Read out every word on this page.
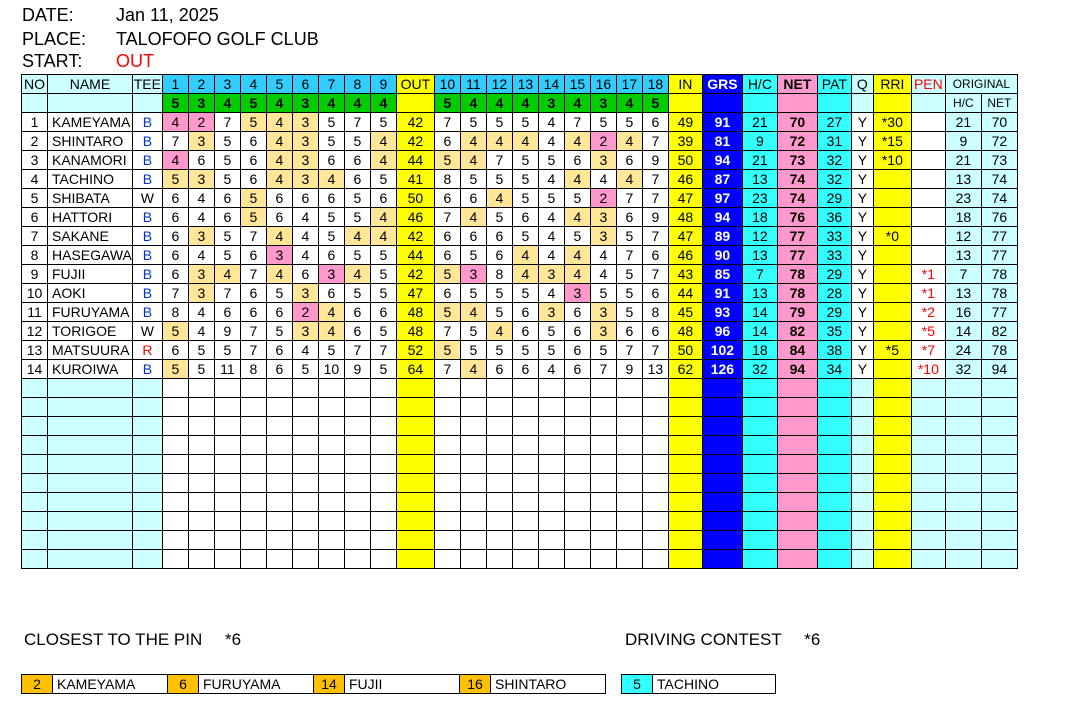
DATE: Jan 11, 2025
PLACE: TALOFOFO GOLF CLUB
START: OUT
NO	NAME	TEE	1	2	3	4	5	6	7	8	9	OUT	10	11	12	13	14	15	16	17	18	IN	GRS	H/C	NET	PAT	Q	RRI	PEN	ORIGINAL	
			5	3	4	5	4	3	4	4	4		5	4	4	4	3	4	3	4	5									H/C	NET
1	KAMEYAMA	B	4	2	7	5	4	3	5	7	5	42	7	5	5	5	4	7	5	5	6	49	91	21	70	27	Y	*30		21	70
2	SHINTARO	B	7	3	5	6	4	3	5	5	4	42	6	4	4	4	4	4	2	4	7	39	81	9	72	31	Y	*15		9	72
3	KANAMORI	B	4	6	5	6	4	3	6	6	4	44	5	4	7	5	5	6	3	6	9	50	94	21	73	32	Y	*10		21	73
4	TACHINO	B	5	3	5	6	4	3	4	6	5	41	8	5	5	5	4	4	4	4	7	46	87	13	74	32	Y			13	74
5	SHIBATA	W	6	4	6	5	6	6	6	5	6	50	6	6	4	5	5	5	2	7	7	47	97	23	74	29	Y			23	74
6	HATTORI	B	6	4	6	5	6	4	5	5	4	46	7	4	5	6	4	4	3	6	9	48	94	18	76	36	Y			18	76
7	SAKANE	B	6	3	5	7	4	4	5	4	4	42	6	6	6	5	4	5	3	5	7	47	89	12	77	33	Y	*0		12	77
8	HASEGAWA	B	6	4	5	6	3	4	6	5	5	44	6	5	6	4	4	4	4	7	6	46	90	13	77	33	Y			13	77
9	FUJII	B	6	3	4	7	4	6	3	4	5	42	5	3	8	4	3	4	4	5	7	43	85	7	78	29	Y		*1	7	78
10	AOKI	B	7	3	7	6	5	3	6	5	5	47	6	5	5	5	4	3	5	5	6	44	91	13	78	28	Y		*1	13	78
11	FURUYAMA	B	8	4	6	6	6	2	4	6	6	48	5	4	5	6	3	6	3	5	8	45	93	14	79	29	Y		*2	16	77
12	TORIGOE	W	5	4	9	7	5	3	4	6	5	48	7	5	4	6	5	6	3	6	6	48	96	14	82	35	Y		*5	14	82
13	MATSUURA	R	6	5	5	7	6	4	5	7	7	52	5	5	5	5	5	6	5	7	7	50	102	18	84	38	Y	*5	*7	24	78
14	KUROIWA	B	5	5	11	8	6	5	10	9	5	64	7	4	6	6	4	6	7	9	13	62	126	32	94	34	Y		*10	32	94

CLOSEST TO THE PIN *6	DRIVING CONTEST *6
2	KAMEYAMA	6	FURUYAMA	14 FUJII	16 SHINTARO	5	TACHINO
